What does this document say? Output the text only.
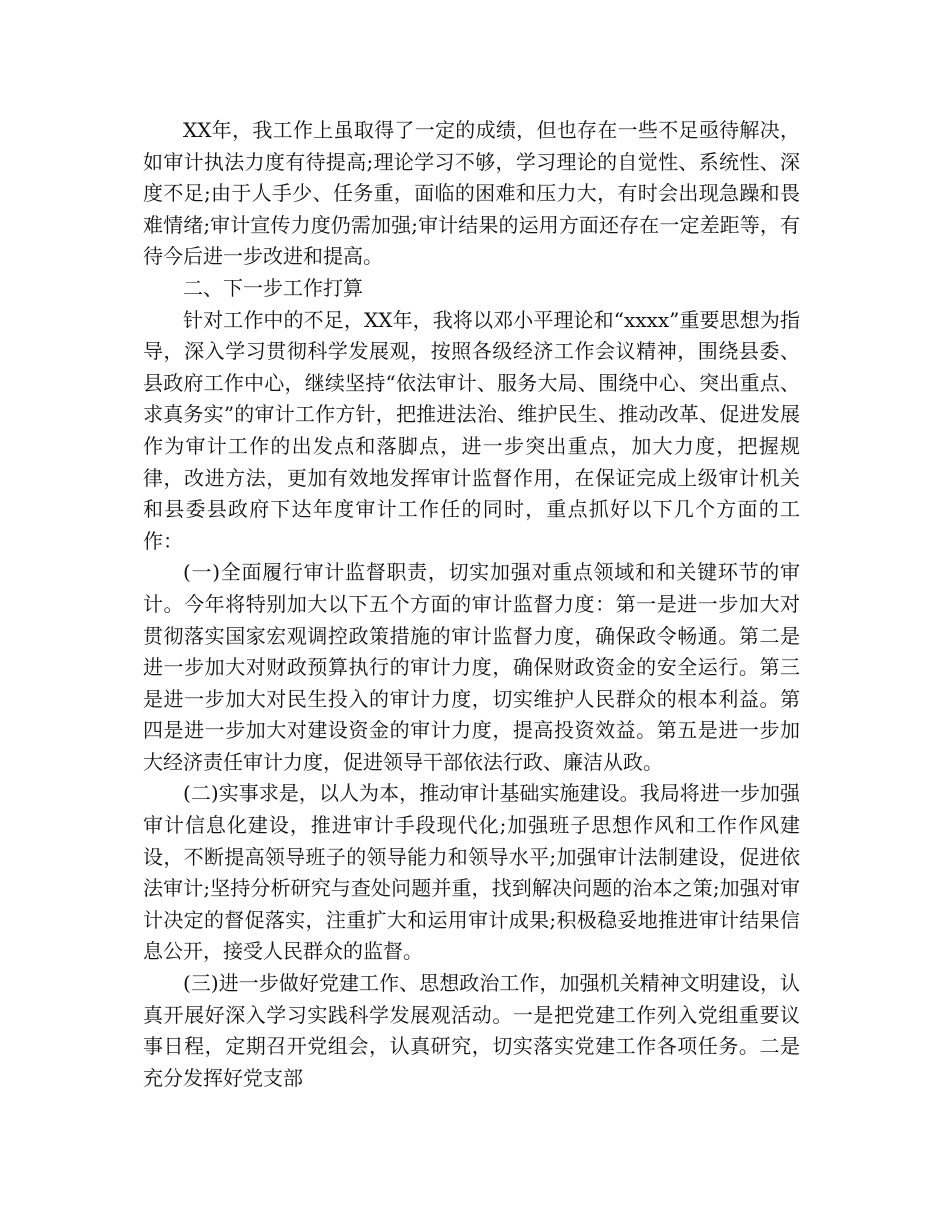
XX年，我工作上虽取得了一定的成绩，但也存在一些不足亟待解决，如审计执法力度有待提高;理论学习不够，学习理论的自觉性、系统性、深度不足;由于人手少、任务重，面临的困难和压力大，有时会出现急躁和畏难情绪;审计宣传力度仍需加强;审计结果的运用方面还存在一定差距等，有待今后进一步改进和提高。

二、下一步工作打算

针对工作中的不足，XX年，我将以邓小平理论和“xxxx”重要思想为指导，深入学习贯彻科学发展观，按照各级经济工作会议精神，围绕县委、县政府工作中心，继续坚持“依法审计、服务大局、围绕中心、突出重点、求真务实”的审计工作方针，把推进法治、维护民生、推动改革、促进发展作为审计工作的出发点和落脚点，进一步突出重点，加大力度，把握规律，改进方法，更加有效地发挥审计监督作用，在保证完成上级审计机关和县委县政府下达年度审计工作任的同时，重点抓好以下几个方面的工作：

(一)全面履行审计监督职责，切实加强对重点领域和和关键环节的审计。今年将特别加大以下五个方面的审计监督力度：第一是进一步加大对贯彻落实国家宏观调控政策措施的审计监督力度，确保政令畅通。第二是进一步加大对财政预算执行的审计力度，确保财政资金的安全运行。第三是进一步加大对民生投入的审计力度，切实维护人民群众的根本利益。第四是进一步加大对建设资金的审计力度，提高投资效益。第五是进一步加大经济责任审计力度，促进领导干部依法行政、廉洁从政。

(二)实事求是，以人为本，推动审计基础实施建设。我局将进一步加强审计信息化建设，推进审计手段现代化;加强班子思想作风和工作作风建设，不断提高领导班子的领导能力和领导水平;加强审计法制建设，促进依法审计;坚持分析研究与查处问题并重，找到解决问题的治本之策;加强对审计决定的督促落实，注重扩大和运用审计成果;积极稳妥地推进审计结果信息公开，接受人民群众的监督。

(三)进一步做好党建工作、思想政治工作，加强机关精神文明建设，认真开展好深入学习实践科学发展观活动。一是把党建工作列入党组重要议事日程，定期召开党组会，认真研究，切实落实党建工作各项任务。二是充分发挥好党支部
